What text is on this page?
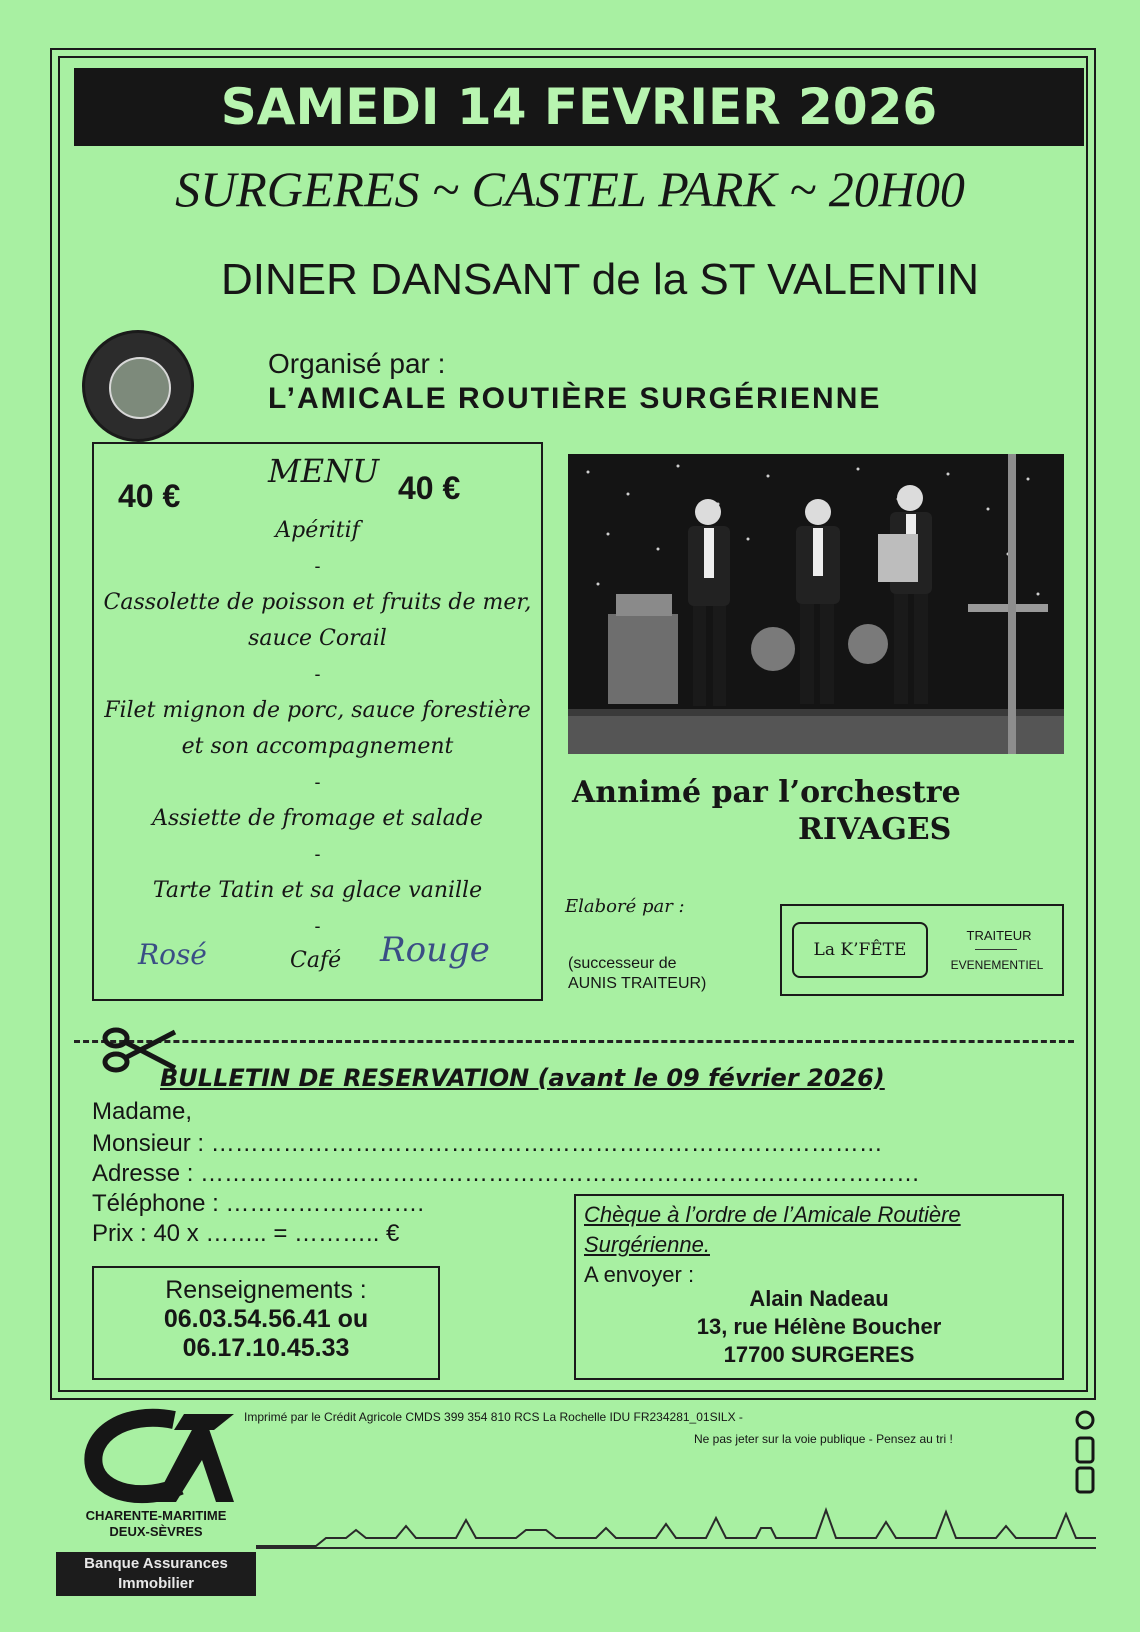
SAMEDI 14 FEVRIER 2026
SURGERES ~ CASTEL PARK ~ 20H00
DINER DANSANT de la ST VALENTIN
Organisé par :
L’AMICALE ROUTIÈRE SURGÉRIENNE
40 €
MENU 40 €
Apéritif
-
Cassolette de poisson et fruits de mer,
sauce Corail
-
Filet mignon de porc, sauce forestière
et son accompagnement
-
Assiette de fromage et salade
-
Tarte Tatin et sa glace vanille
-
Rosé	Café Rouge
Annimé par l’orchestre
RIVAGES
Elaboré par :
(successeur de
AUNIS TRAITEUR)
La K’FÊTE
TRAITEUR
EVENEMENTIEL
BULLETIN DE RESERVATION (avant le 09 février 2026)
Madame,
Monsieur : …………………………………………………………………………
Adresse : ………………………………………………………………………………
Téléphone : …………………….
Prix : 40 x …….. = ……….. €
Renseignements :
06.03.54.56.41 ou
06.17.10.45.33
Chèque à l’ordre de l’Amicale Routière
Surgérienne.
A envoyer :
Alain Nadeau
13, rue Hélène Boucher
17700 SURGERES
CHARENTE-MARITIME
DEUX-SÈVRES
Banque Assurances
Immobilier
Imprimé par le Crédit Agricole CMDS 399 354 810 RCS La Rochelle IDU FR234281_01SILX -
Ne pas jeter sur la voie publique - Pensez au tri !
